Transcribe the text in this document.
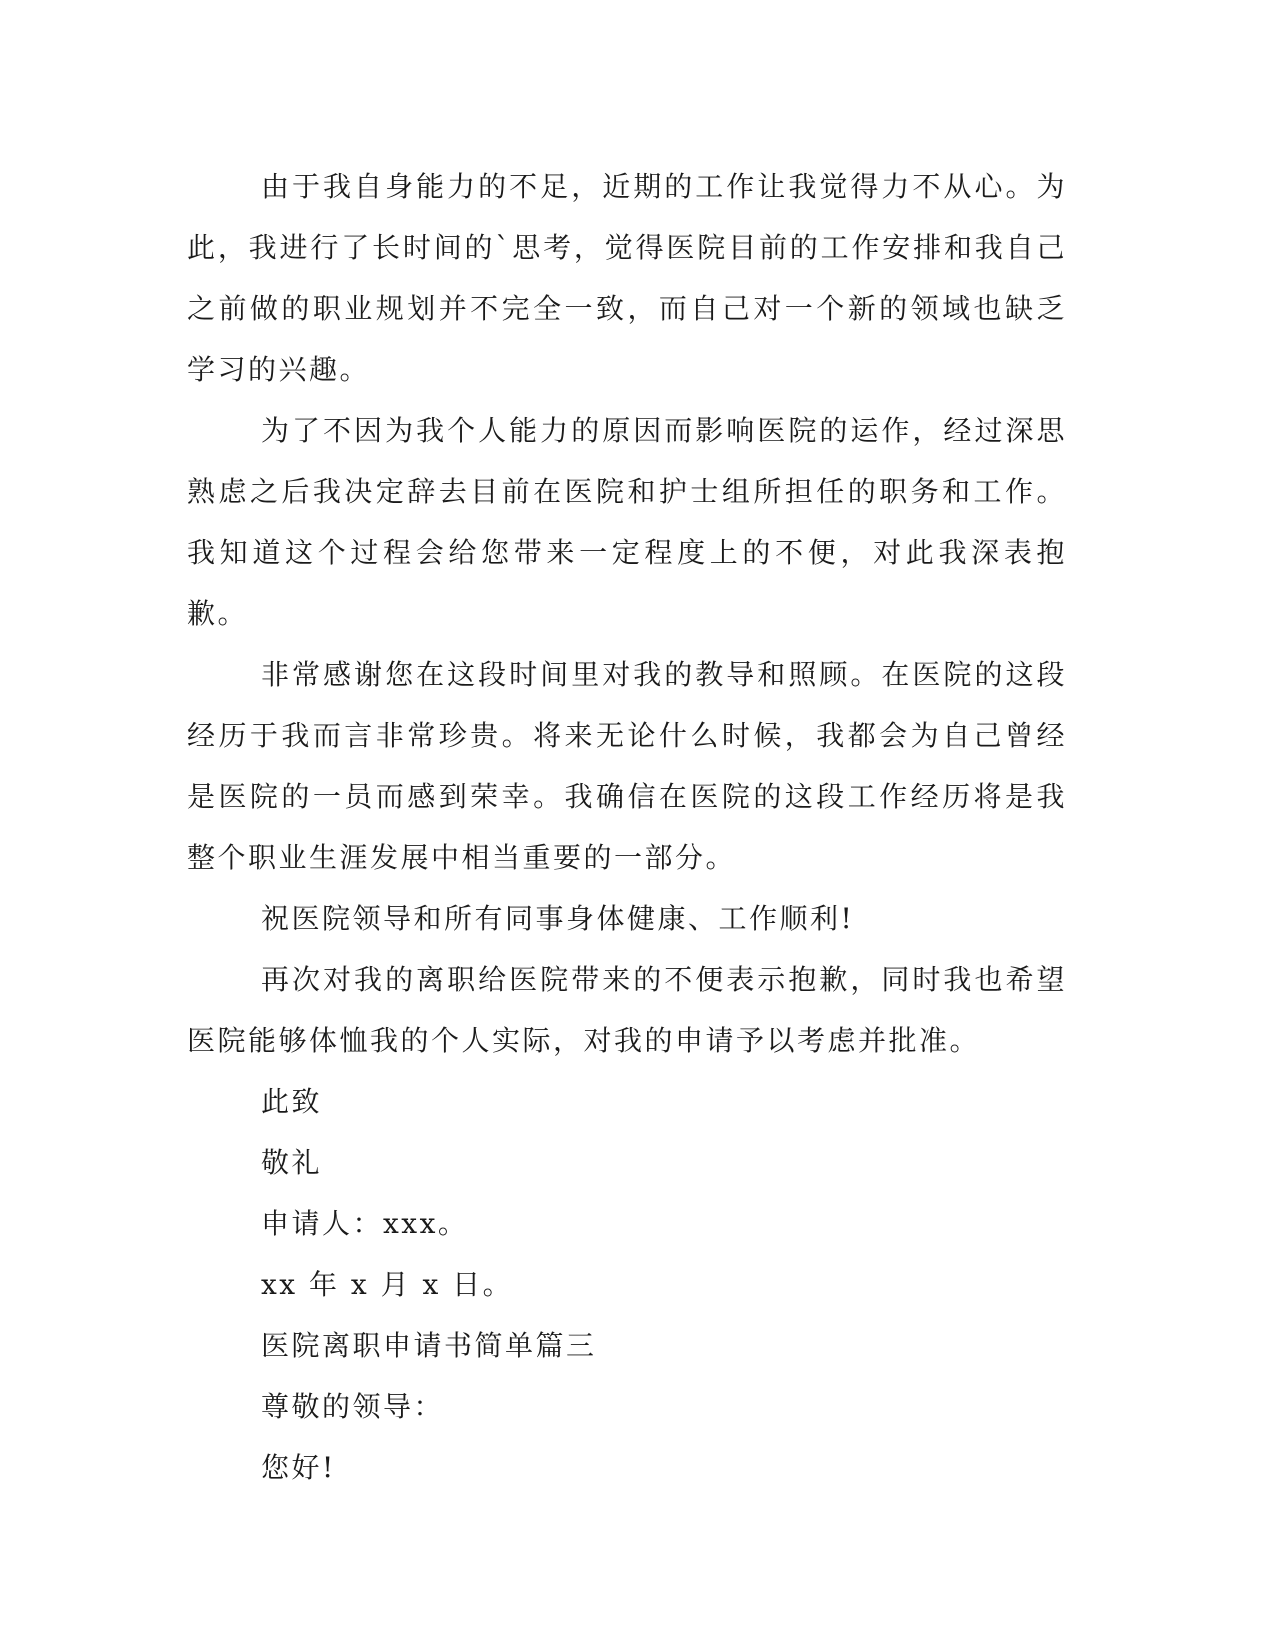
由于我自身能力的不足，近期的工作让我觉得力不从心。为此，我进行了长时间的`思考，觉得医院目前的工作安排和我自己之前做的职业规划并不完全一致，而自己对一个新的领域也缺乏学习的兴趣。

为了不因为我个人能力的原因而影响医院的运作，经过深思熟虑之后我决定辞去目前在医院和护士组所担任的职务和工作。我知道这个过程会给您带来一定程度上的不便，对此我深表抱歉。

非常感谢您在这段时间里对我的教导和照顾。在医院的这段经历于我而言非常珍贵。将来无论什么时候，我都会为自己曾经是医院的一员而感到荣幸。我确信在医院的这段工作经历将是我整个职业生涯发展中相当重要的一部分。

祝医院领导和所有同事身体健康、工作顺利!

再次对我的离职给医院带来的不便表示抱歉，同时我也希望医院能够体恤我的个人实际，对我的申请予以考虑并批准。

此致

敬礼

申请人：xxx。

xx 年 x 月 x 日。

医院离职申请书简单篇三

尊敬的领导：

您好!
